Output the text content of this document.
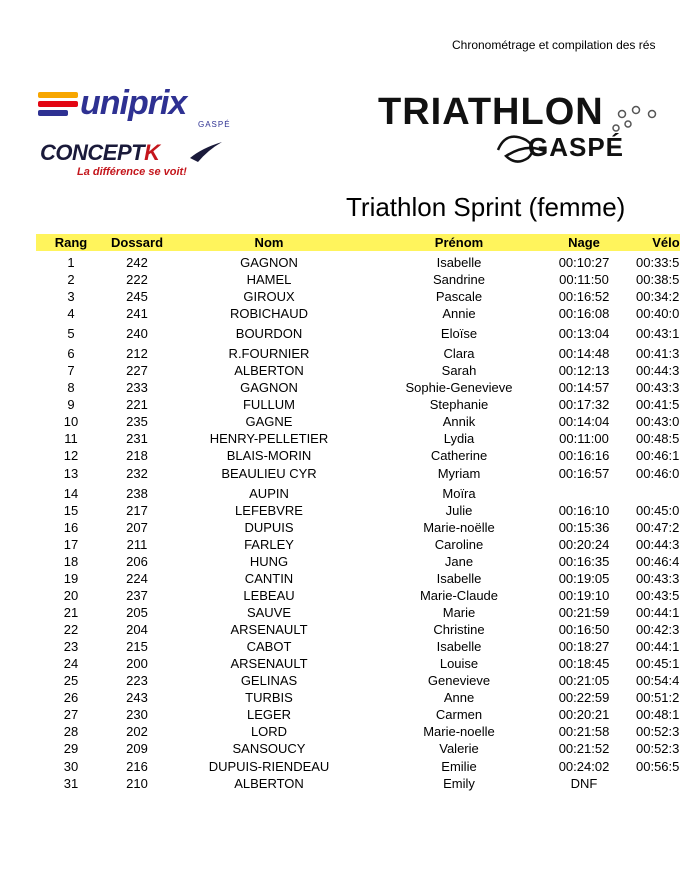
Chronométrage et compilation des rés
uniprix
GASPÉ
CONCEPTK
La différence se voit!
TRIATHLON
GASPÉ
Triathlon Sprint (femme)
Rang Dossard	Nom	Prénom	Nage	Vélo
1	242	GAGNON	Isabelle	00:10:27 00:33:5
2	222	HAMEL	Sandrine	00:11:50 00:38:5
3	245	GIROUX	Pascale	00:16:52 00:34:2
4	241	ROBICHAUD	Annie	00:16:08 00:40:0
5	240	BOURDON	Eloïse	00:13:04 00:43:1
6	212	R.FOURNIER	Clara	00:14:48 00:41:3
7	227	ALBERTON	Sarah	00:12:13 00:44:3
8	233	GAGNON	Sophie-Genevieve	00:14:57 00:43:3
9	221	FULLUM	Stephanie	00:17:32 00:41:5
10	235	GAGNE	Annik	00:14:04 00:43:0
11	231	HENRY-PELLETIER	Lydia	00:11:00 00:48:5
12	218	BLAIS-MORIN	Catherine	00:16:16 00:46:1
13	232	BEAULIEU CYR	Myriam	00:16:57 00:46:0
14	238	AUPIN	Moïra
15	217	LEFEBVRE	Julie	00:16:10 00:45:0
16	207	DUPUIS	Marie-noëlle	00:15:36 00:47:2
17	211	FARLEY	Caroline	00:20:24 00:44:3
18	206	HUNG	Jane	00:16:35 00:46:4
19	224	CANTIN	Isabelle	00:19:05 00:43:3
20	237	LEBEAU	Marie-Claude	00:19:10 00:43:5
21	205	SAUVE	Marie	00:21:59 00:44:1
22	204	ARSENAULT	Christine	00:16:50 00:42:3
23	215	CABOT	Isabelle	00:18:27 00:44:1
24	200	ARSENAULT	Louise	00:18:45 00:45:1
25	223	GELINAS	Genevieve	00:21:05 00:54:4
26	243	TURBIS	Anne	00:22:59 00:51:2
27	230	LEGER	Carmen	00:20:21 00:48:1
28	202	LORD	Marie-noelle	00:21:58 00:52:3
29	209	SANSOUCY	Valerie	00:21:52 00:52:3
30	216	DUPUIS-RIENDEAU	Emilie	00:24:02 00:56:5
31	210	ALBERTON	Emily	DNF
